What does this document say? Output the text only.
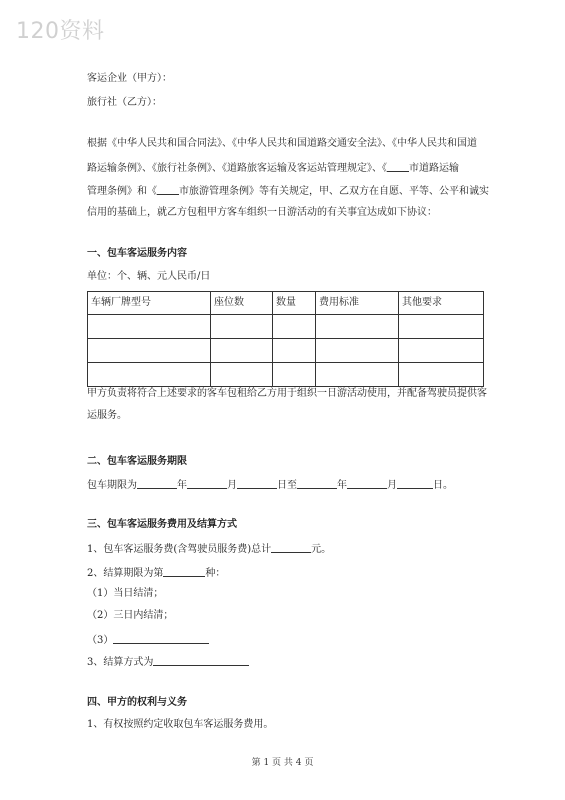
120资料
客运企业（甲方）：
旅行社（乙方）：
根据《中华人民共和国合同法》、《中华人民共和国道路交通安全法》、《中华人民共和国道
路运输条例》、《旅行社条例》、《道路旅客运输及客运站管理规定》、《 市道路运输
管理条例》和《 市旅游管理条例》等有关规定，甲、乙双方在自愿、平等、公平和诚实
信用的基础上，就乙方包租甲方客车组织一日游活动的有关事宜达成如下协议：
一、包车客运服务内容
单位：个、辆、元人民币/日
车辆厂牌型号	座位数	数量	费用标准	其他要求

甲方负责将符合上述要求的客车包租给乙方用于组织一日游活动使用，并配备驾驶员提供客运服务。
二、包车客运服务期限
包车期限为	年	月	日至	年	月	日。
三、包车客运服务费用及结算方式
1、包车客运服务费(含驾驶员服务费)总计	元。
2、结算期限为第	种：
（1）当日结清；
（2）三日内结清；
（3）
3、结算方式为
四、甲方的权利与义务
1、有权按照约定收取包车客运服务费用。
第 1 页 共 4 页
